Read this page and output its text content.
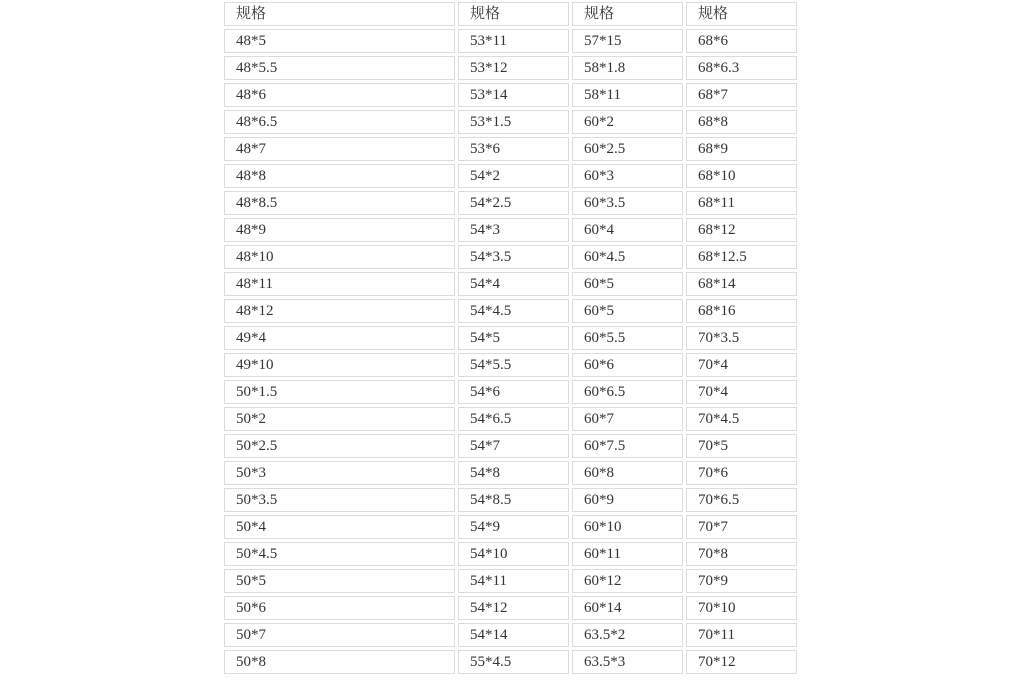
规格	规格	规格	规格
48*5	53*11	57*15	68*6
48*5.5	53*12	58*1.8	68*6.3
48*6	53*14	58*11	68*7
48*6.5	53*1.5	60*2	68*8
48*7	53*6	60*2.5	68*9
48*8	54*2	60*3	68*10
48*8.5	54*2.5	60*3.5	68*11
48*9	54*3	60*4	68*12
48*10	54*3.5	60*4.5	68*12.5
48*11	54*4	60*5	68*14
48*12	54*4.5	60*5	68*16
49*4	54*5	60*5.5	70*3.5
49*10	54*5.5	60*6	70*4
50*1.5	54*6	60*6.5	70*4
50*2	54*6.5	60*7	70*4.5
50*2.5	54*7	60*7.5	70*5
50*3	54*8	60*8	70*6
50*3.5	54*8.5	60*9	70*6.5
50*4	54*9	60*10	70*7
50*4.5	54*10	60*11	70*8
50*5	54*11	60*12	70*9
50*6	54*12	60*14	70*10
50*7	54*14	63.5*2	70*11
50*8	55*4.5	63.5*3	70*12
